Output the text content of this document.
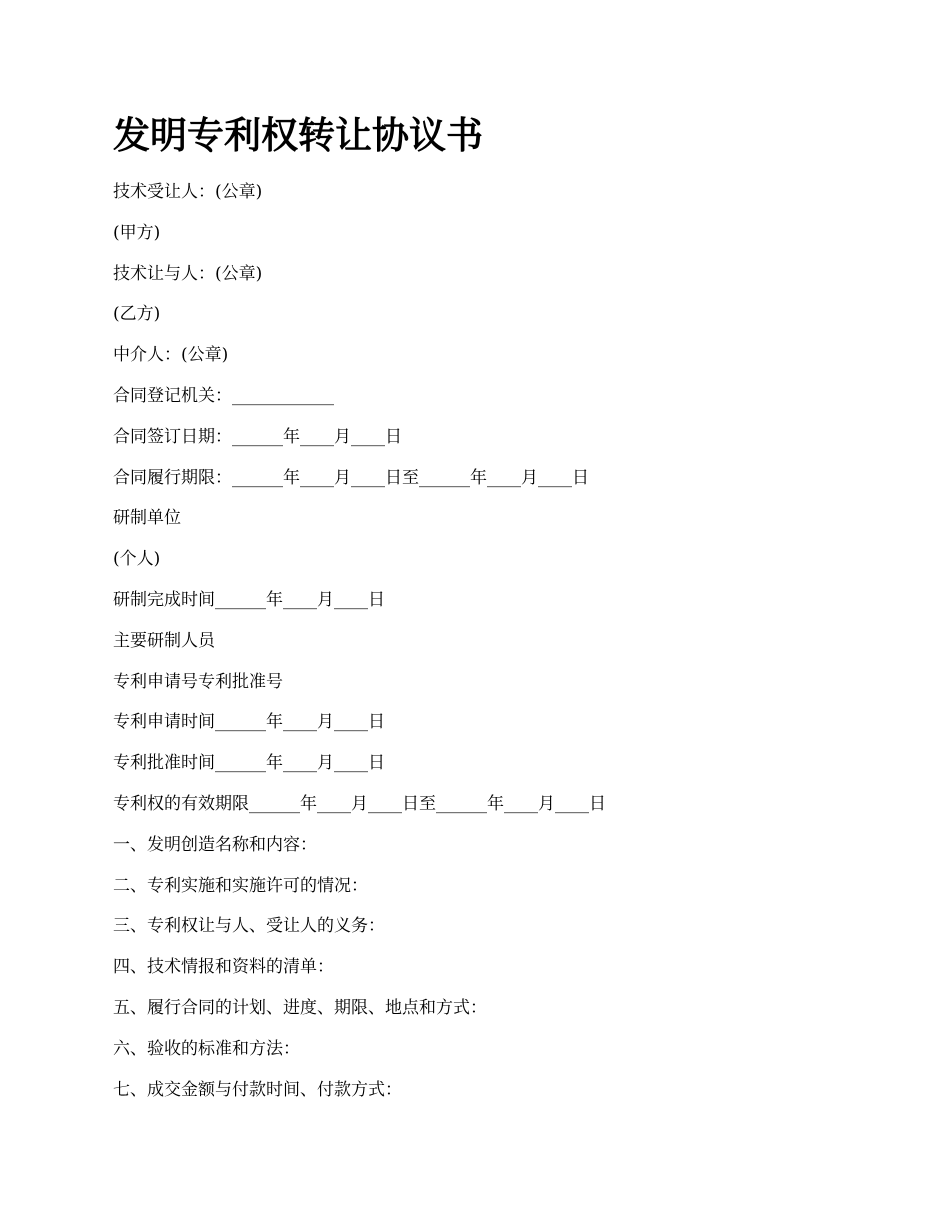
发明专利权转让协议书
技术受让人：(公章)
(甲方)
技术让与人：(公章)
(乙方)
中介人：(公章)
合同登记机关：____________
合同签订日期：______年____月____日
合同履行期限：______年____月____日至______年____月____日
研制单位
(个人)
研制完成时间______年____月____日
主要研制人员
专利申请号专利批准号
专利申请时间______年____月____日
专利批准时间______年____月____日
专利权的有效期限______年____月____日至______年____月____日
一、发明创造名称和内容：
二、专利实施和实施许可的情况：
三、专利权让与人、受让人的义务：
四、技术情报和资料的清单：
五、履行合同的计划、进度、期限、地点和方式：
六、验收的标准和方法：
七、成交金额与付款时间、付款方式：
